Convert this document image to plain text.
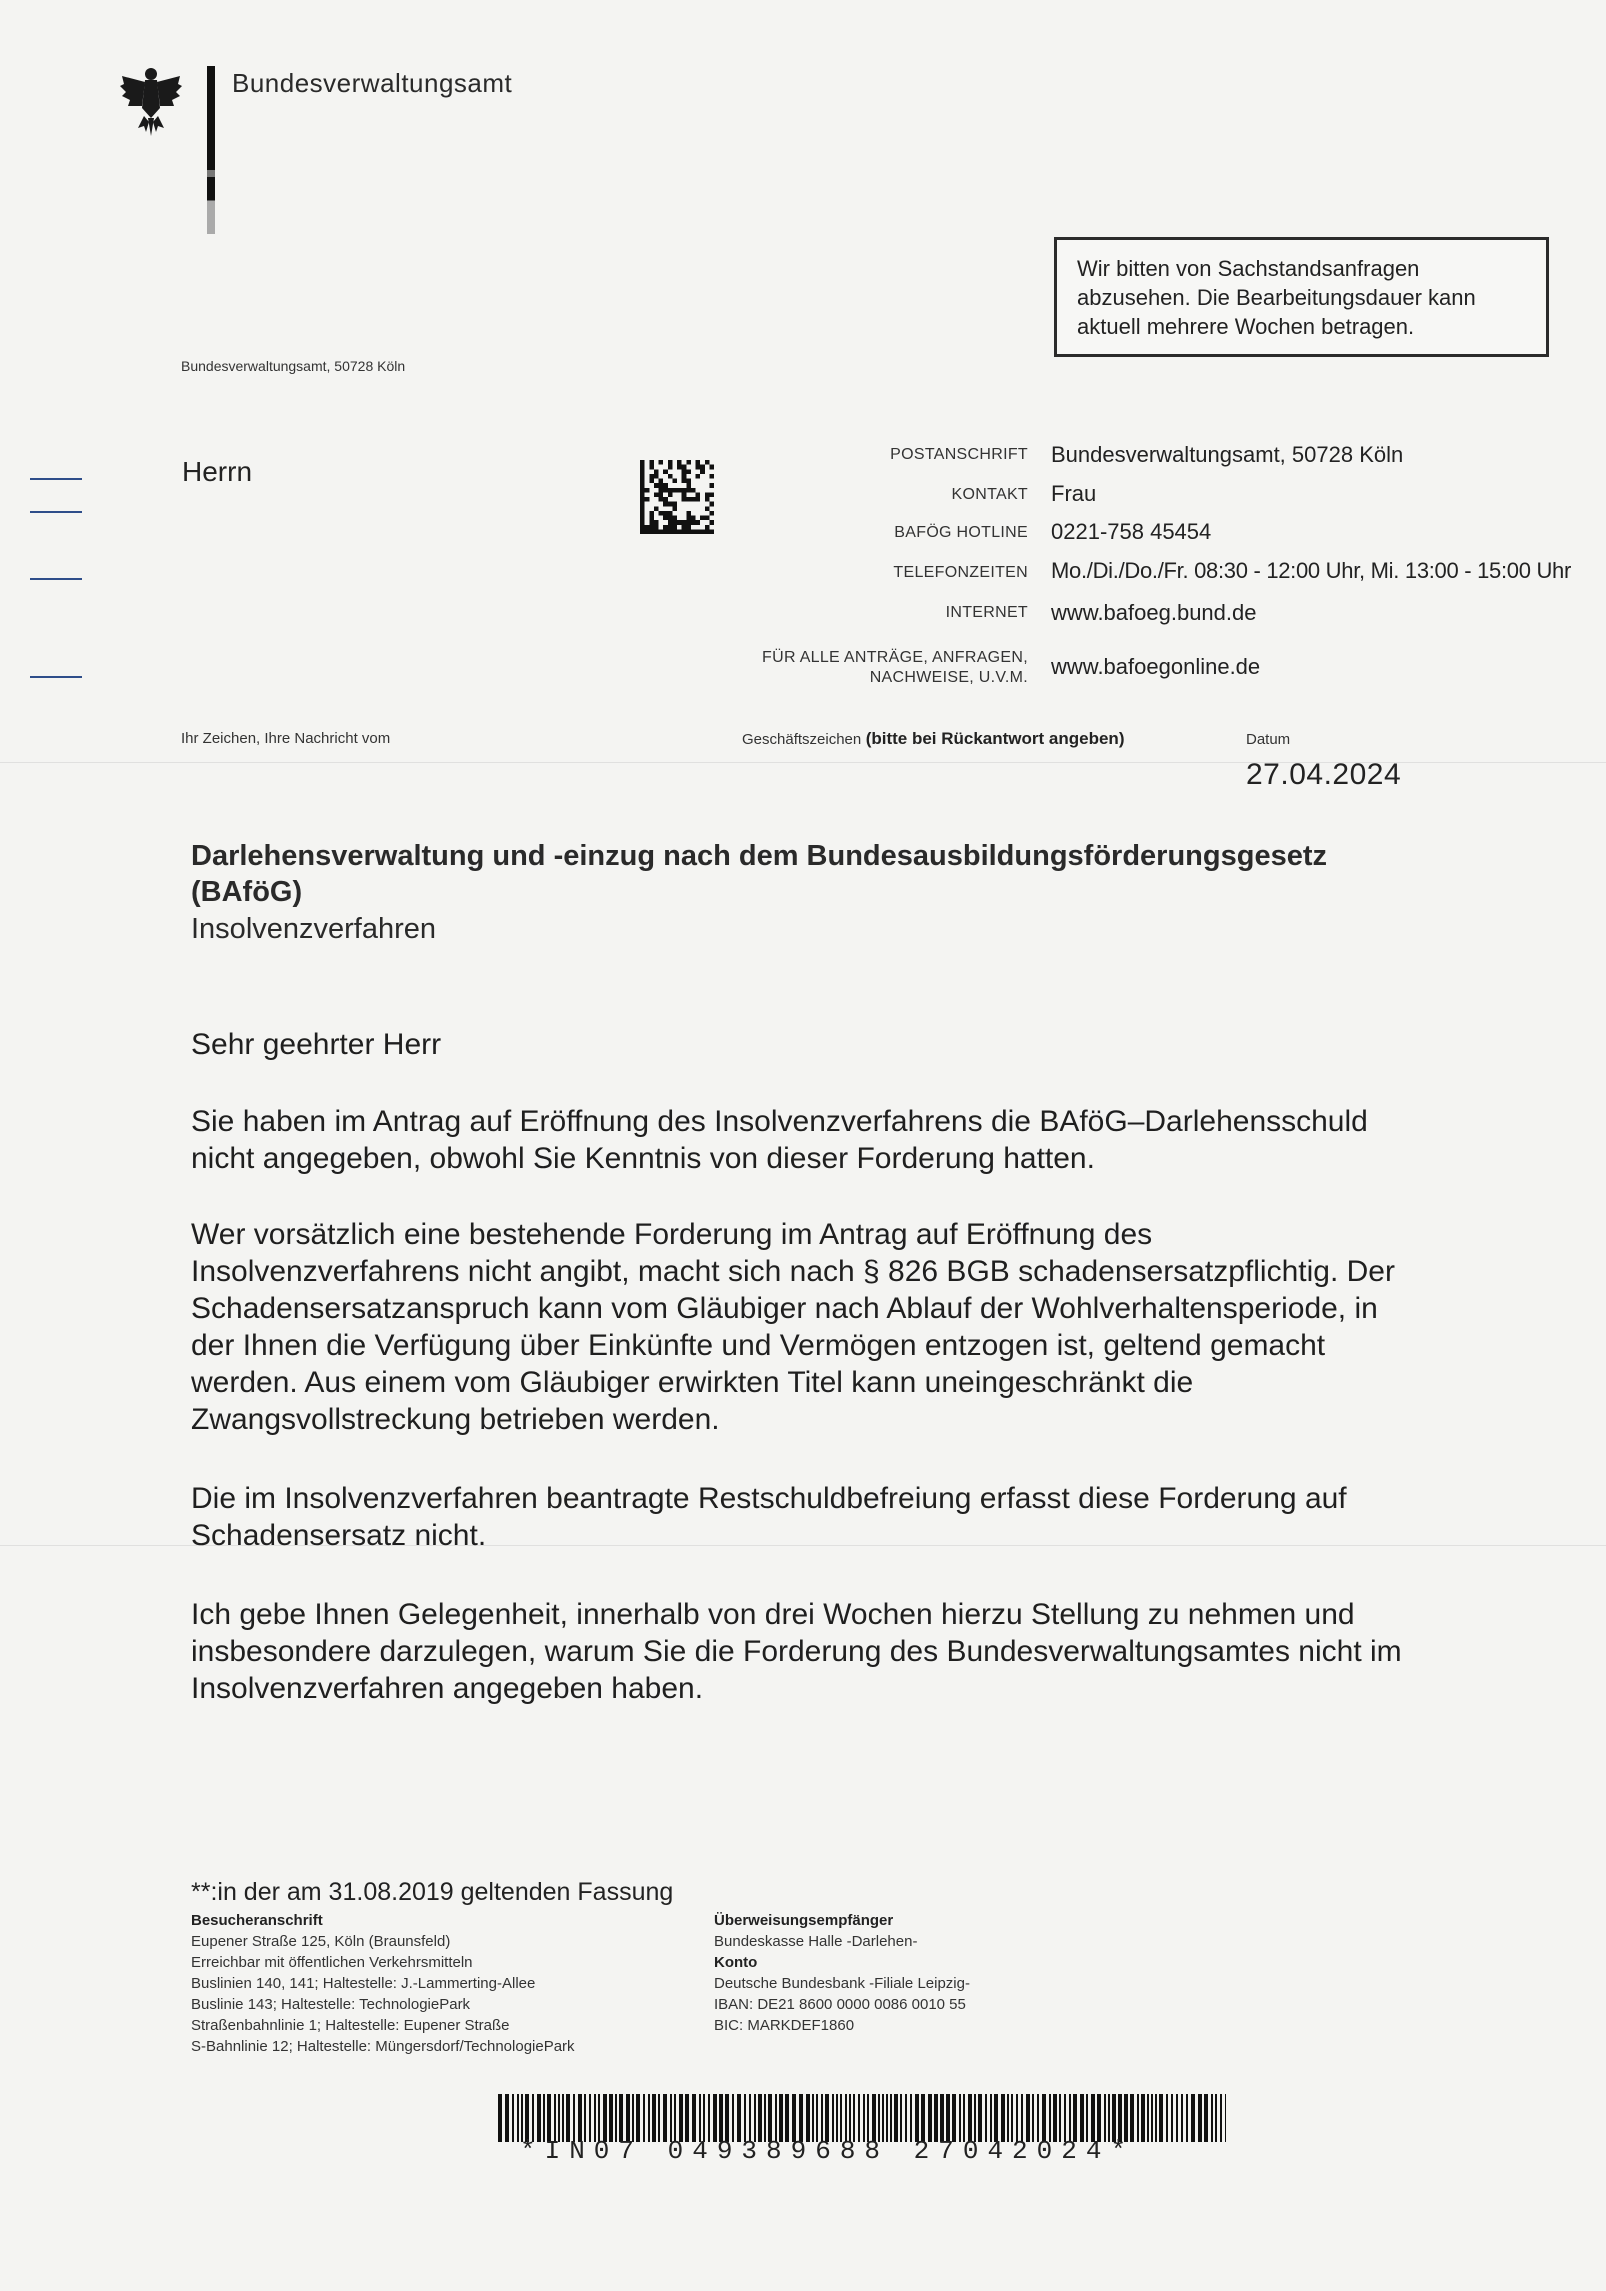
Bundesverwaltungsamt
Wir bitten von Sachstandsanfragen abzusehen. Die Bearbeitungsdauer kann aktuell mehrere Wochen betragen.
Bundesverwaltungsamt, 50728 Köln
Herrn
POSTANSCHRIFT Bundesverwaltungsamt, 50728 Köln
KONTAKT Frau
BAFÖG HOTLINE 0221-758 45454
TELEFONZEITEN Mo./Di./Do./Fr. 08:30 - 12:00 Uhr, Mi. 13:00 - 15:00 Uhr
INTERNET www.bafoeg.bund.de
FÜR ALLE ANTRÄGE, ANFRAGEN,
NACHWEISE, U.V.M. www.bafoegonline.de
Ihr Zeichen, Ihre Nachricht vom	Geschäftszeichen (bitte bei Rückantwort angeben)	Datum
27.04.2024
Darlehensverwaltung und -einzug nach dem Bundesausbildungsförderungsgesetz
(BAföG)
Insolvenzverfahren
Sehr geehrter Herr
Sie haben im Antrag auf Eröffnung des Insolvenzverfahrens die BAföG–Darlehensschuld
nicht angegeben, obwohl Sie Kenntnis von dieser Forderung hatten.
Wer vorsätzlich eine bestehende Forderung im Antrag auf Eröffnung des
Insolvenzverfahrens nicht angibt, macht sich nach § 826 BGB schadensersatzpflichtig. Der
Schadensersatzanspruch kann vom Gläubiger nach Ablauf der Wohlverhaltensperiode, in
der Ihnen die Verfügung über Einkünfte und Vermögen entzogen ist, geltend gemacht
werden. Aus einem vom Gläubiger erwirkten Titel kann uneingeschränkt die
Zwangsvollstreckung betrieben werden.
Die im Insolvenzverfahren beantragte Restschuldbefreiung erfasst diese Forderung auf
Schadensersatz nicht.
Ich gebe Ihnen Gelegenheit, innerhalb von drei Wochen hierzu Stellung zu nehmen und
insbesondere darzulegen, warum Sie die Forderung des Bundesverwaltungsamtes nicht im
Insolvenzverfahren angegeben haben.
**:in der am 31.08.2019 geltenden Fassung
Besucheranschrift
Eupener Straße 125, Köln (Braunsfeld)
Erreichbar mit öffentlichen Verkehrsmitteln
Buslinien 140, 141; Haltestelle: J.-Lammerting-Allee
Buslinie 143; Haltestelle: TechnologiePark
Straßenbahnlinie 1; Haltestelle: Eupener Straße
S-Bahnlinie 12; Haltestelle: Müngersdorf/TechnologiePark
Überweisungsempfänger
Bundeskasse Halle -Darlehen-
Konto
Deutsche Bundesbank -Filiale Leipzig-
IBAN: DE21 8600 0000 0086 0010 55
BIC: MARKDEF1860
*IN07 049389688 27042024*
